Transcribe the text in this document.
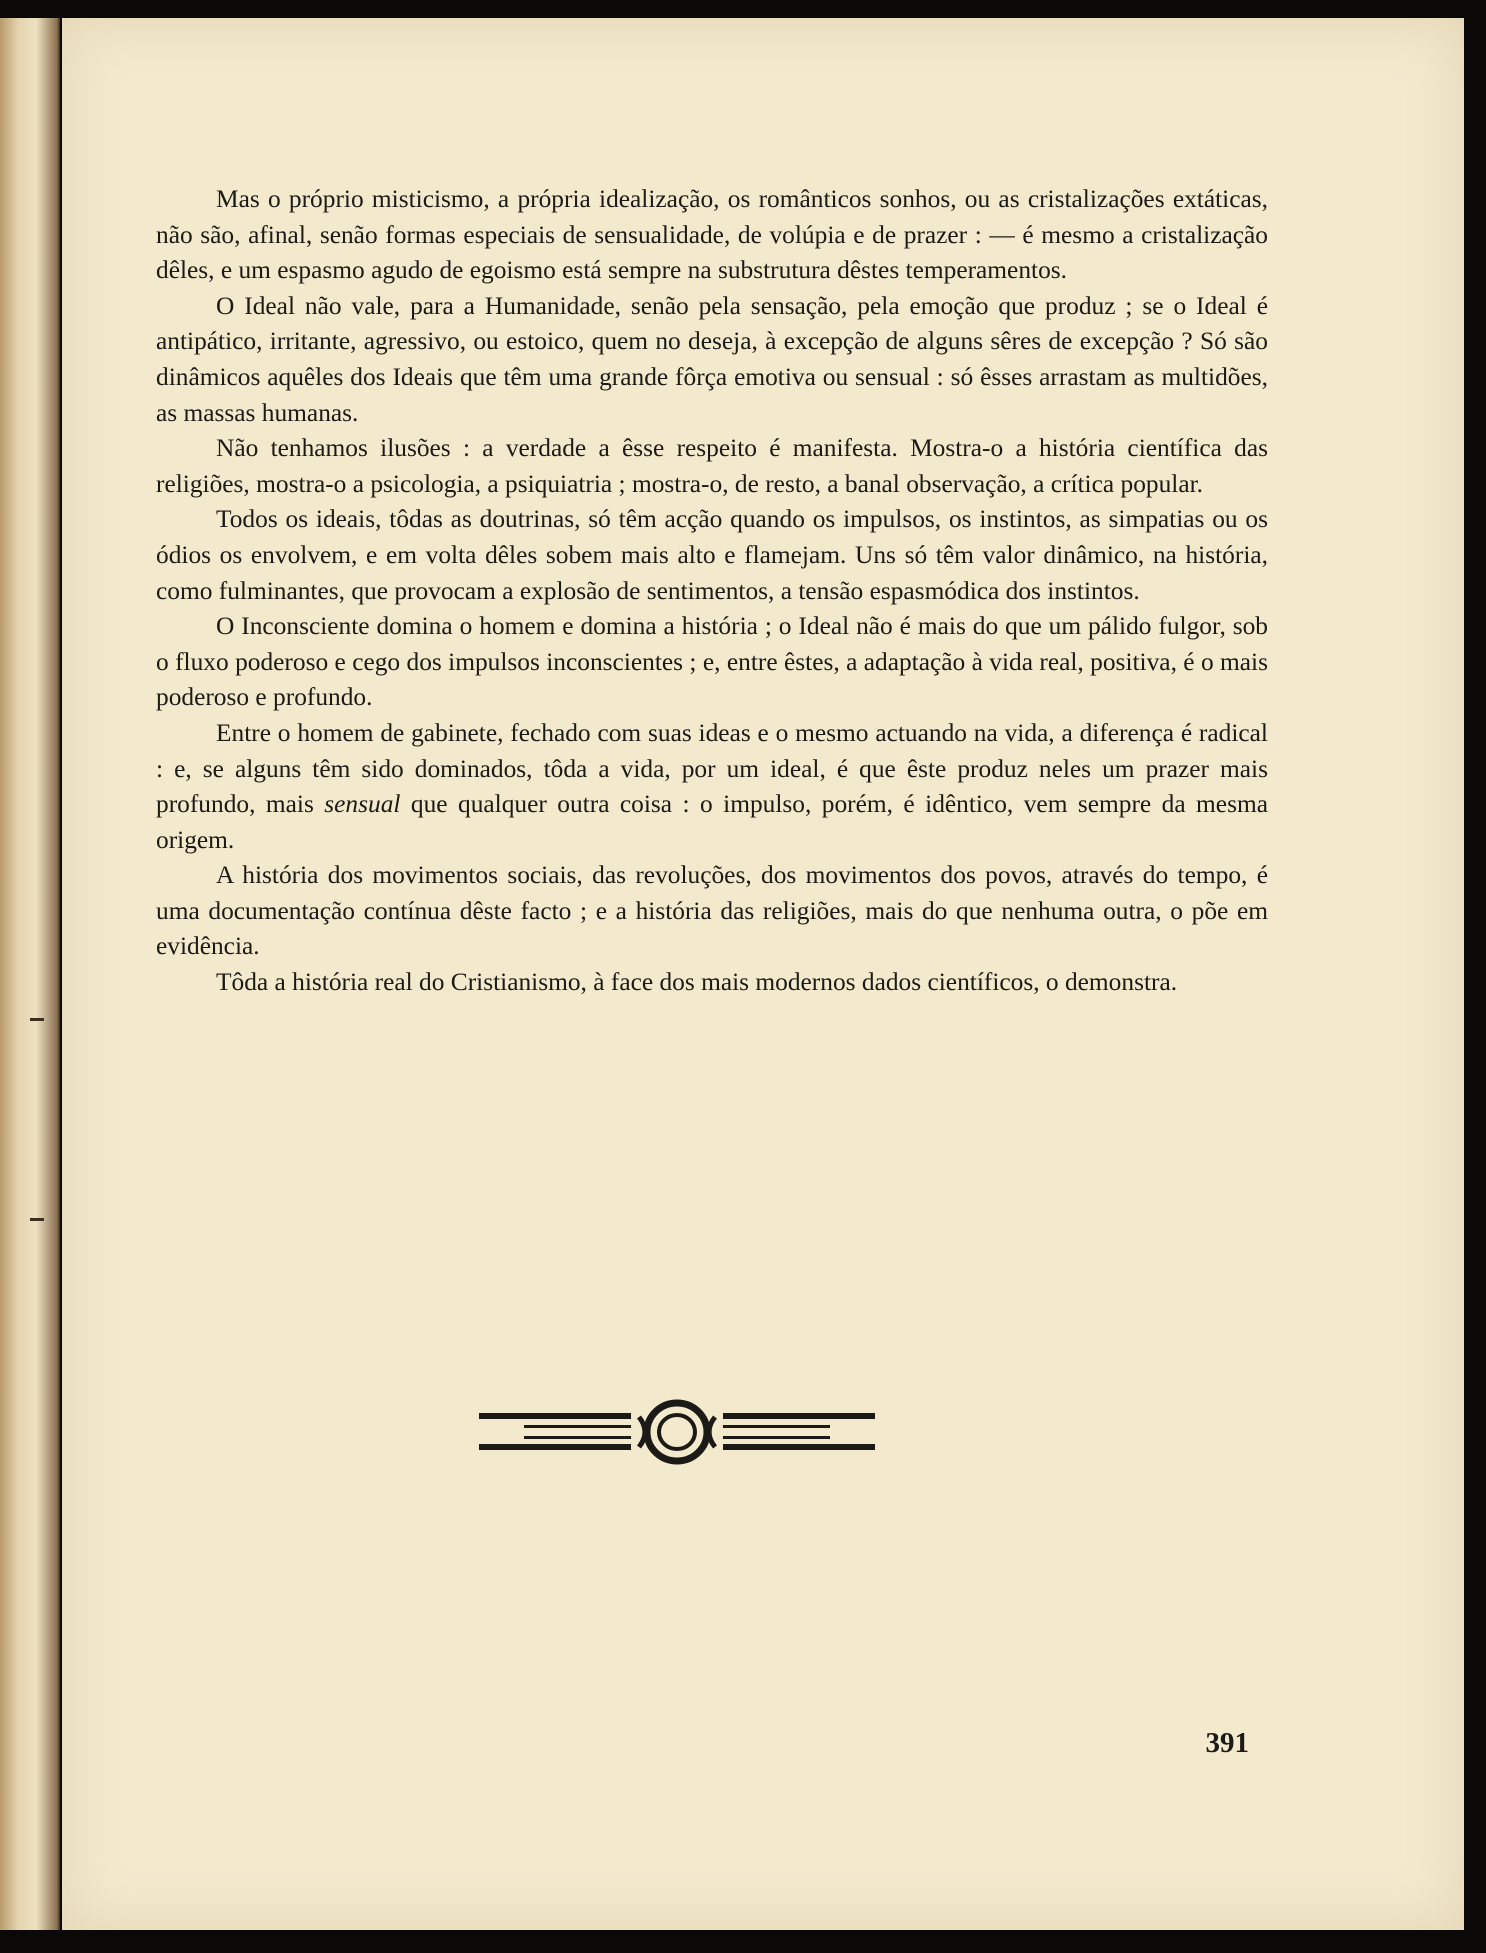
Mas o próprio misticismo, a própria idealização, os românticos sonhos, ou as cristalizações extáticas, não são, afinal, senão formas especiais de sensualidade, de volúpia e de prazer : — é mesmo a cristalização dêles, e um espasmo agudo de egoismo está sempre na substrutura dêstes temperamentos.

O Ideal não vale, para a Humanidade, senão pela sensação, pela emoção que produz ; se o Ideal é antipático, irritante, agressivo, ou estoico, quem no deseja, à excepção de alguns sêres de excepção ? Só são dinâmicos aquêles dos Ideais que têm uma grande fôrça emotiva ou sensual : só êsses arrastam as multidões, as massas humanas.

Não tenhamos ilusões : a verdade a êsse respeito é manifesta. Mostra-o a história científica das religiões, mostra-o a psicologia, a psiquiatria ; mostra-o, de resto, a banal observação, a crítica popular.

Todos os ideais, tôdas as doutrinas, só têm acção quando os impulsos, os instintos, as simpatias ou os ódios os envolvem, e em volta dêles sobem mais alto e flamejam. Uns só têm valor dinâmico, na história, como fulminantes, que provocam a explosão de sentimentos, a tensão espasmódica dos instintos.

O Inconsciente domina o homem e domina a história ; o Ideal não é mais do que um pálido fulgor, sob o fluxo poderoso e cego dos impulsos inconscientes ; e, entre êstes, a adaptação à vida real, positiva, é o mais poderoso e profundo.

Entre o homem de gabinete, fechado com suas ideas e o mesmo actuando na vida, a diferença é radical : e, se alguns têm sido dominados, tôda a vida, por um ideal, é que êste produz neles um prazer mais profundo, mais sensual que qualquer outra coisa : o impulso, porém, é idêntico, vem sempre da mesma origem.

A história dos movimentos sociais, das revoluções, dos movimentos dos povos, através do tempo, é uma documentação contínua dêste facto ; e a história das religiões, mais do que nenhuma outra, o põe em evidência.

Tôda a história real do Cristianismo, à face dos mais modernos dados científicos, o demonstra.

391
